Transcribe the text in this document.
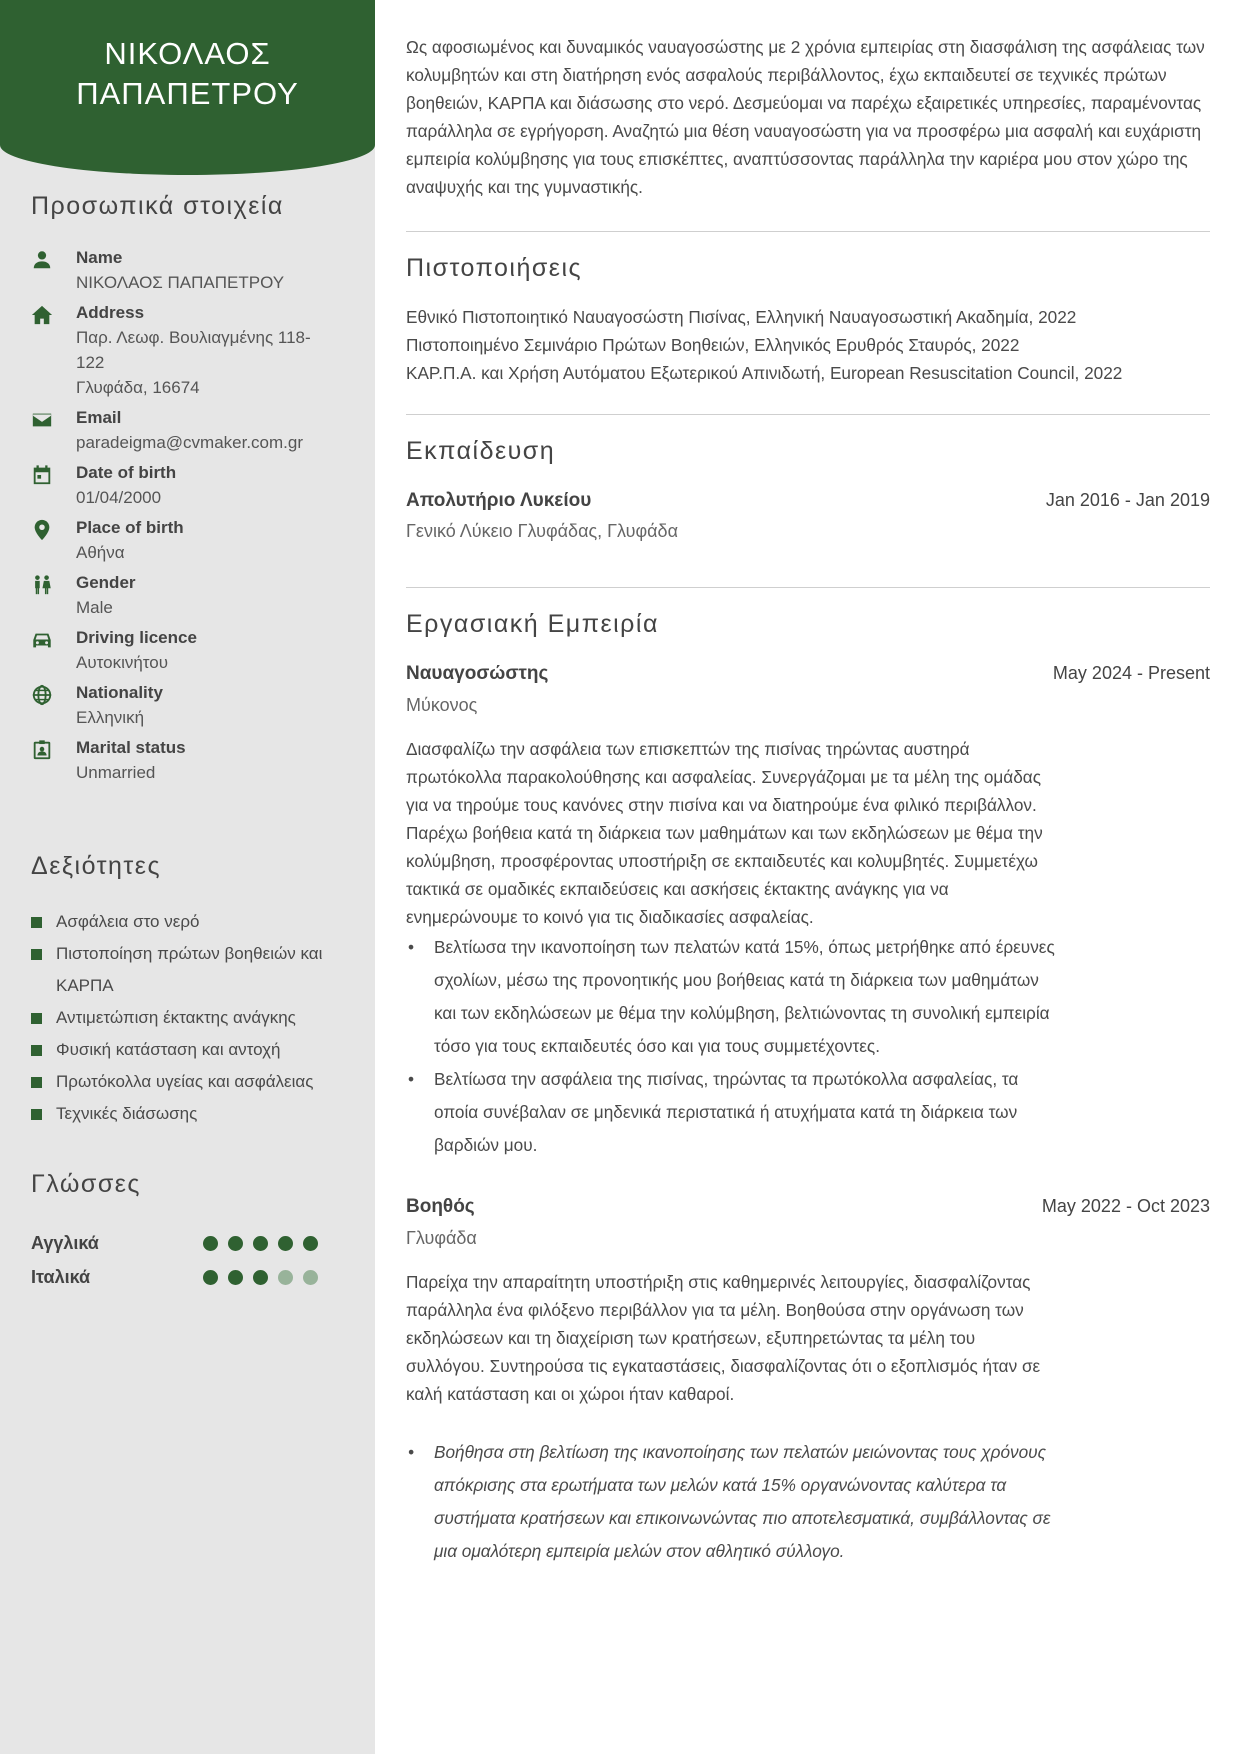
ΝΙΚΟΛΑΟΣ
ΠΑΠΑΠΕΤΡΟΥ
Προσωπικά στοιχεία
Name
ΝΙΚΟΛΑΟΣ ΠΑΠΑΠΕΤΡΟΥ
Address
Παρ. Λεωφ. Βουλιαγμένης 118-122
Γλυφάδα, 16674
Email
paradeigma@cvmaker.com.gr
Date of birth
01/04/2000
Place of birth
Αθήνα
Gender
Male
Driving licence
Αυτοκινήτου
Nationality
Ελληνική
Marital status
Unmarried
Δεξιότητες
Ασφάλεια στο νερό
Πιστοποίηση πρώτων βοηθειών και ΚΑΡΠΑ
Αντιμετώπιση έκτακτης ανάγκης
Φυσική κατάσταση και αντοχή
Πρωτόκολλα υγείας και ασφάλειας
Τεχνικές διάσωσης
Γλώσσες
Αγγλικά
Ιταλικά
Ως αφοσιωμένος και δυναμικός ναυαγοσώστης με 2 χρόνια εμπειρίας στη διασφάλιση της ασφάλειας των κολυμβητών και στη διατήρηση ενός ασφαλούς περιβάλλοντος, έχω εκπαιδευτεί σε τεχνικές πρώτων βοηθειών, ΚΑΡΠΑ και διάσωσης στο νερό. Δεσμεύομαι να παρέχω εξαιρετικές υπηρεσίες, παραμένοντας παράλληλα σε εγρήγορση. Αναζητώ μια θέση ναυαγοσώστη για να προσφέρω μια ασφαλή και ευχάριστη εμπειρία κολύμβησης για τους επισκέπτες, αναπτύσσοντας παράλληλα την καριέρα μου στον χώρο της αναψυχής και της γυμναστικής.
Πιστοποιήσεις
Εθνικό Πιστοποιητικό Ναυαγοσώστη Πισίνας, Ελληνική Ναυαγοσωστική Ακαδημία, 2022
Πιστοποιημένο Σεμινάριο Πρώτων Βοηθειών, Ελληνικός Ερυθρός Σταυρός, 2022
ΚΑΡ.Π.Α. και Χρήση Αυτόματου Εξωτερικού Απινιδωτή, European Resuscitation Council, 2022
Εκπαίδευση
Απολυτήριο Λυκείου	Jan 2016 - Jan 2019
Γενικό Λύκειο Γλυφάδας, Γλυφάδα
Εργασιακή Εμπειρία
Ναυαγοσώστης	May 2024 - Present
Μύκονος
Διασφαλίζω την ασφάλεια των επισκεπτών της πισίνας τηρώντας αυστηρά πρωτόκολλα παρακολούθησης και ασφαλείας. Συνεργάζομαι με τα μέλη της ομάδας για να τηρούμε τους κανόνες στην πισίνα και να διατηρούμε ένα φιλικό περιβάλλον. Παρέχω βοήθεια κατά τη διάρκεια των μαθημάτων και των εκδηλώσεων με θέμα την κολύμβηση, προσφέροντας υποστήριξη σε εκπαιδευτές και κολυμβητές. Συμμετέχω τακτικά σε ομαδικές εκπαιδεύσεις και ασκήσεις έκτακτης ανάγκης για να ενημερώνουμε το κοινό για τις διαδικασίες ασφαλείας.
• Βελτίωσα την ικανοποίηση των πελατών κατά 15%, όπως μετρήθηκε από έρευνες σχολίων, μέσω της προνοητικής μου βοήθειας κατά τη διάρκεια των μαθημάτων και των εκδηλώσεων με θέμα την κολύμβηση, βελτιώνοντας τη συνολική εμπειρία τόσο για τους εκπαιδευτές όσο και για τους συμμετέχοντες.
• Βελτίωσα την ασφάλεια της πισίνας, τηρώντας τα πρωτόκολλα ασφαλείας, τα οποία συνέβαλαν σε μηδενικά περιστατικά ή ατυχήματα κατά τη διάρκεια των βαρδιών μου.
Βοηθός	May 2022 - Oct 2023
Γλυφάδα
Παρείχα την απαραίτητη υποστήριξη στις καθημερινές λειτουργίες, διασφαλίζοντας παράλληλα ένα φιλόξενο περιβάλλον για τα μέλη. Βοηθούσα στην οργάνωση των εκδηλώσεων και τη διαχείριση των κρατήσεων, εξυπηρετώντας τα μέλη του συλλόγου. Συντηρούσα τις εγκαταστάσεις, διασφαλίζοντας ότι ο εξοπλισμός ήταν σε καλή κατάσταση και οι χώροι ήταν καθαροί.
• Βοήθησα στη βελτίωση της ικανοποίησης των πελατών μειώνοντας τους χρόνους απόκρισης στα ερωτήματα των μελών κατά 15% οργανώνοντας καλύτερα τα συστήματα κρατήσεων και επικοινωνώντας πιο αποτελεσματικά, συμβάλλοντας σε μια ομαλότερη εμπειρία μελών στον αθλητικό σύλλογο.
